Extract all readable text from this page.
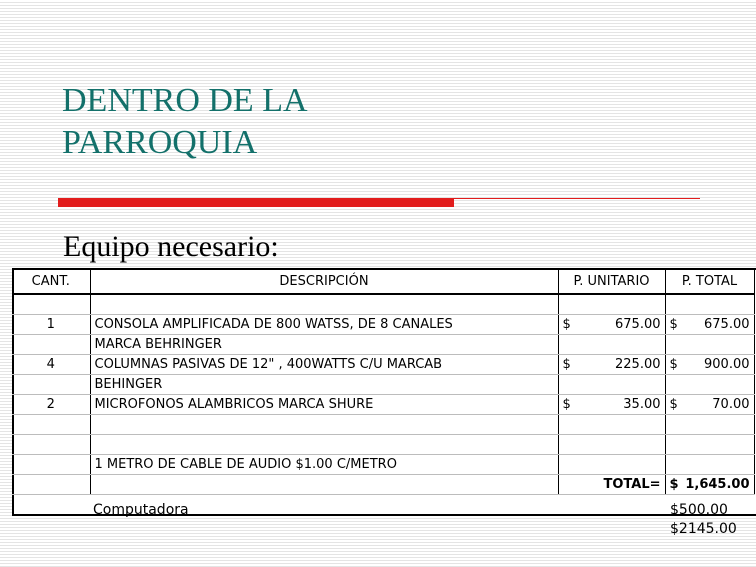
DENTRO DE LA
PARROQUIA
Equipo necesario:
CANT.	DESCRIPCIÓN	P. UNITARIO	P. TOTAL

1	CONSOLA AMPLIFICADA DE 800 WATSS, DE 8 CANALES	$ 675.00	$ 675.00

	MARCA BEHRINGER		
4	COLUMNAS PASIVAS DE 12" , 400WATTS C/U MARCAB	$ 225.00	$ 900.00

	BEHINGER		
2	MICROFONOS ALAMBRICOS MARCA SHURE	$ 35.00	$ 70.00

	1 METRO DE CABLE DE AUDIO $1.00 C/METRO		
		TOTAL=	$ 1,645.00
Computadora	$500.00
$2145.00
